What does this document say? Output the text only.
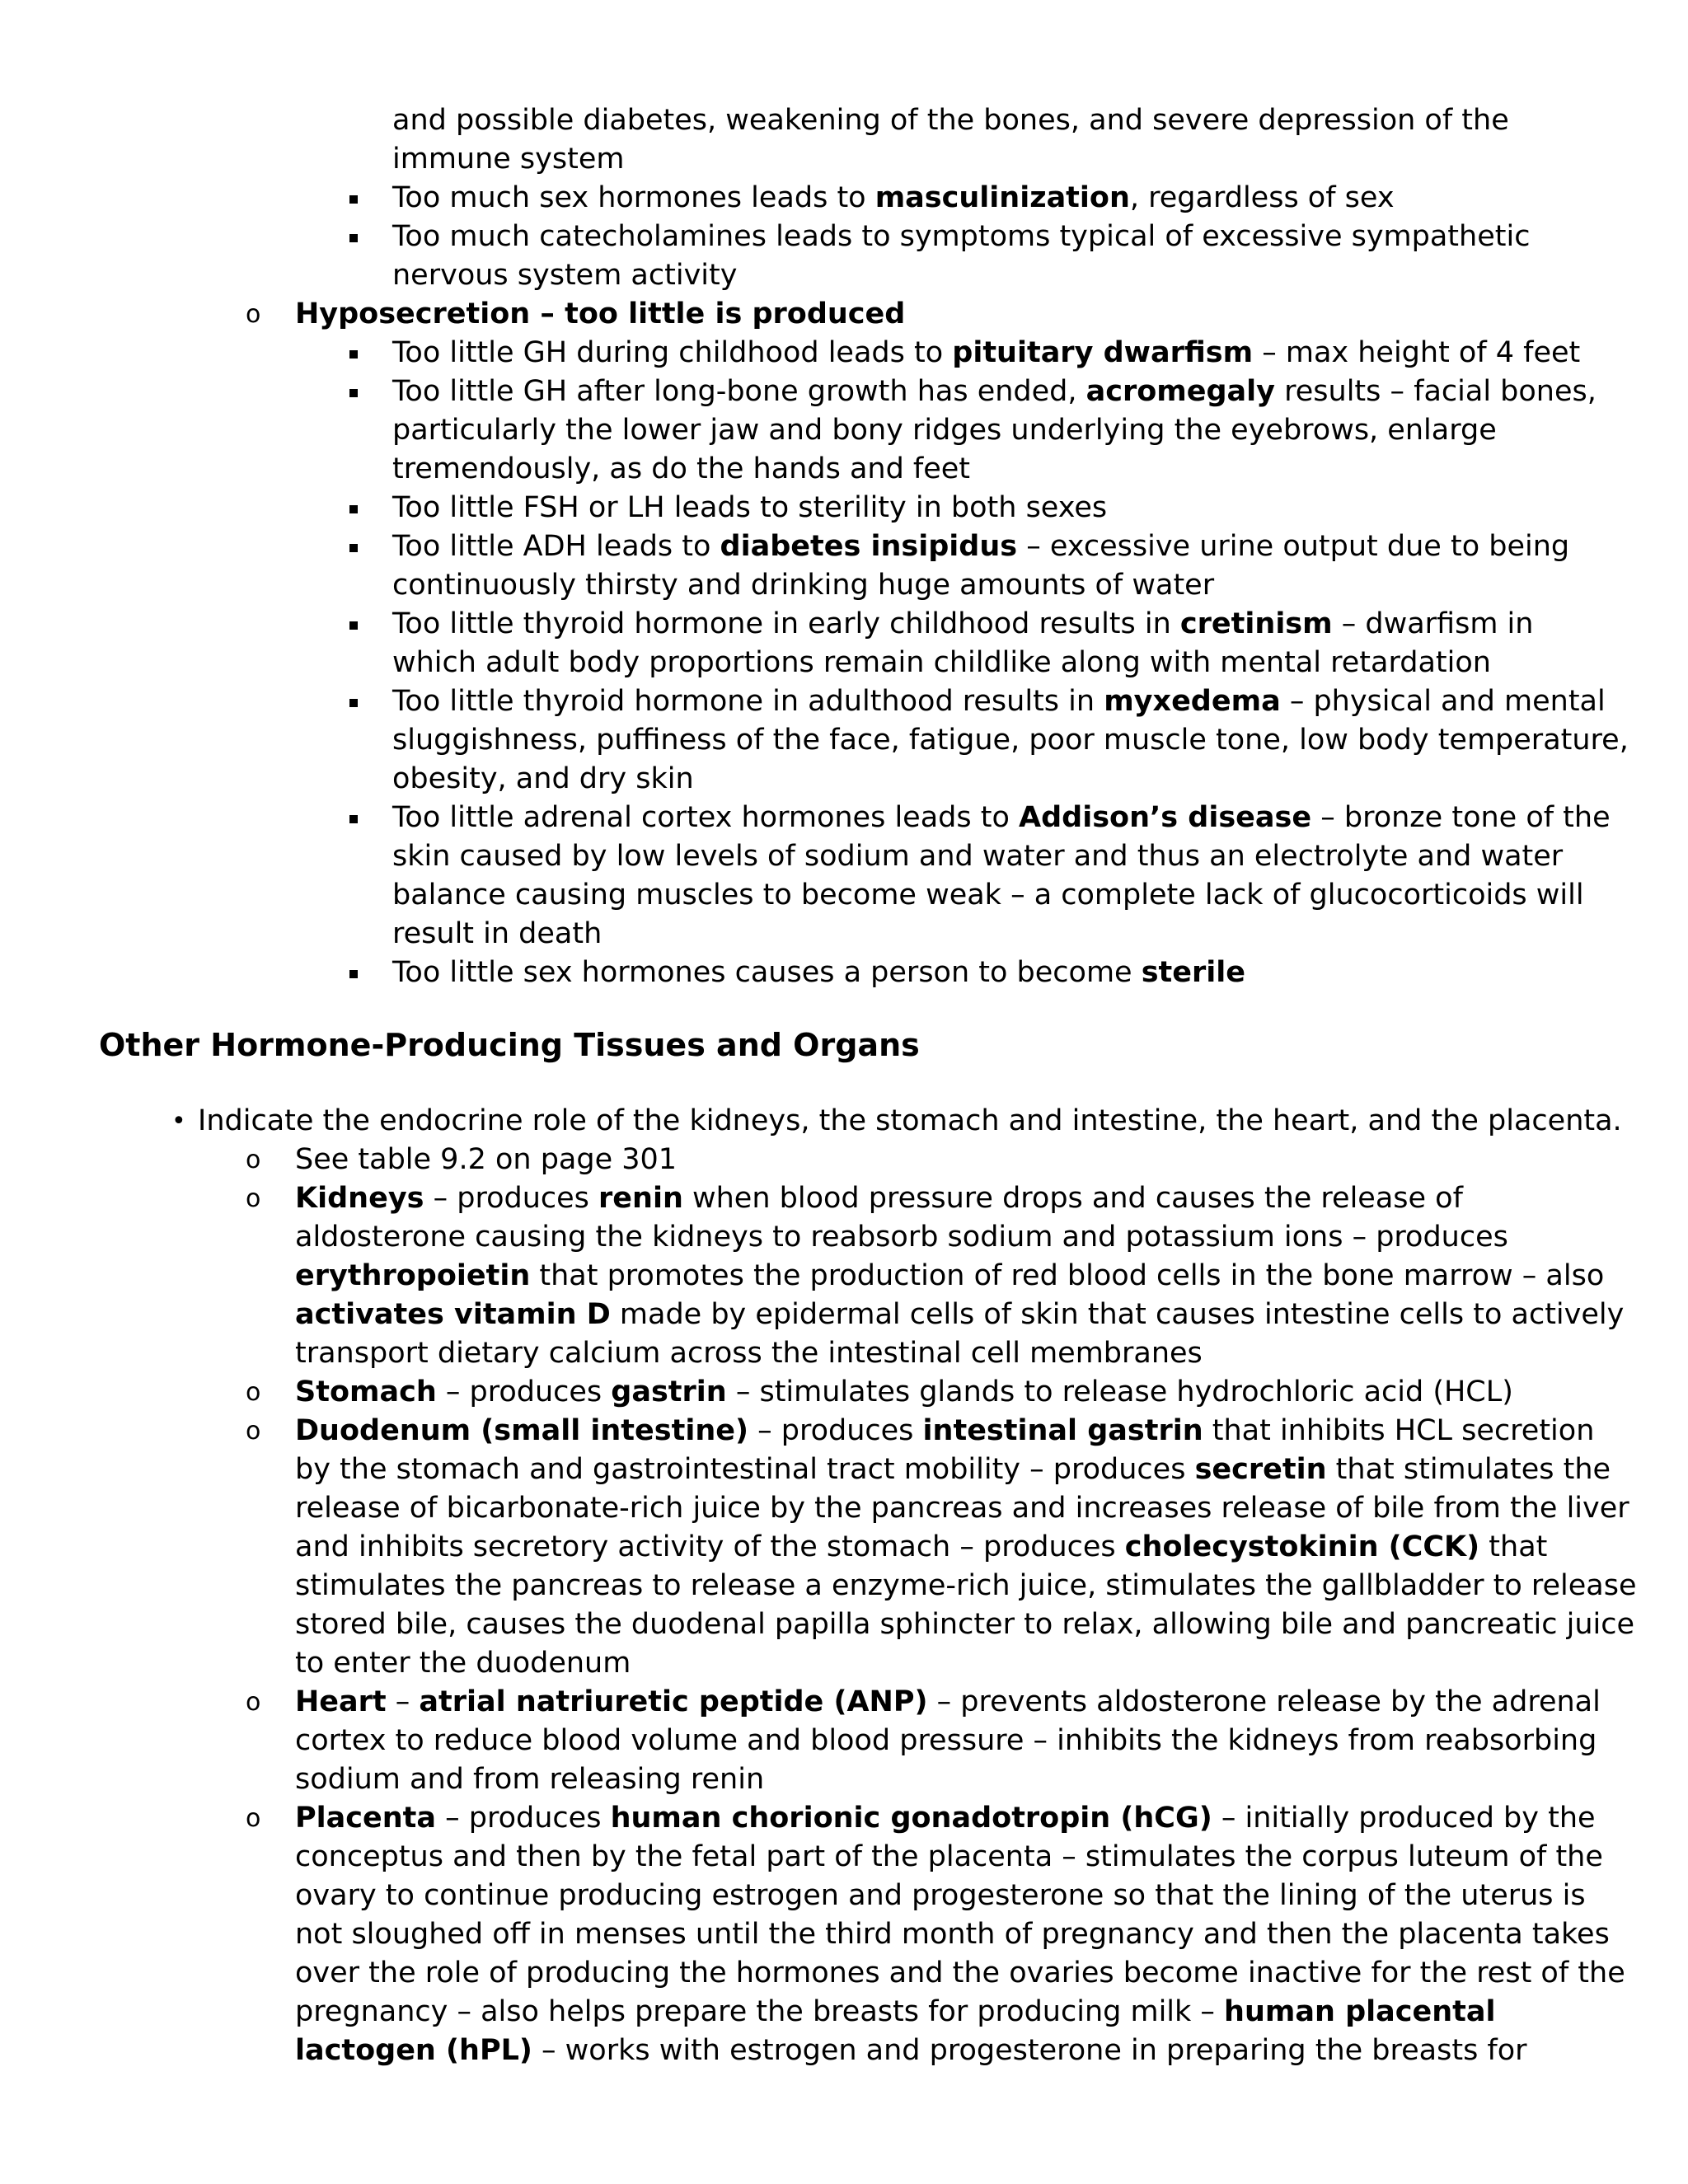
and possible diabetes, weakening of the bones, and severe depression of the
immune system
Too much sex hormones leads to masculinization, regardless of sex
Too much catecholamines leads to symptoms typical of excessive sympathetic
nervous system activity
o Hyposecretion – too little is produced
Too little GH during childhood leads to pituitary dwarfism – max height of 4 feet
Too little GH after long-bone growth has ended, acromegaly results – facial bones,
particularly the lower jaw and bony ridges underlying the eyebrows, enlarge
tremendously, as do the hands and feet
Too little FSH or LH leads to sterility in both sexes
Too little ADH leads to diabetes insipidus – excessive urine output due to being
continuously thirsty and drinking huge amounts of water
Too little thyroid hormone in early childhood results in cretinism – dwarfism in
which adult body proportions remain childlike along with mental retardation
Too little thyroid hormone in adulthood results in myxedema – physical and mental
sluggishness, puffiness of the face, fatigue, poor muscle tone, low body temperature,
obesity, and dry skin
Too little adrenal cortex hormones leads to Addison’s disease – bronze tone of the
skin caused by low levels of sodium and water and thus an electrolyte and water
balance causing muscles to become weak – a complete lack of glucocorticoids will
result in death
Too little sex hormones causes a person to become sterile
Other Hormone-Producing Tissues and Organs
• Indicate the endocrine role of the kidneys, the stomach and intestine, the heart, and the placenta.
o See table 9.2 on page 301
o Kidneys – produces renin when blood pressure drops and causes the release of
aldosterone causing the kidneys to reabsorb sodium and potassium ions – produces
erythropoietin that promotes the production of red blood cells in the bone marrow – also
activates vitamin D made by epidermal cells of skin that causes intestine cells to actively
transport dietary calcium across the intestinal cell membranes
o Stomach – produces gastrin – stimulates glands to release hydrochloric acid (HCL)
o Duodenum (small intestine) – produces intestinal gastrin that inhibits HCL secretion
by the stomach and gastrointestinal tract mobility – produces secretin that stimulates the
release of bicarbonate-rich juice by the pancreas and increases release of bile from the liver
and inhibits secretory activity of the stomach – produces cholecystokinin (CCK) that
stimulates the pancreas to release a enzyme-rich juice, stimulates the gallbladder to release
stored bile, causes the duodenal papilla sphincter to relax, allowing bile and pancreatic juice
to enter the duodenum
o Heart – atrial natriuretic peptide (ANP) – prevents aldosterone release by the adrenal
cortex to reduce blood volume and blood pressure – inhibits the kidneys from reabsorbing
sodium and from releasing renin
o Placenta – produces human chorionic gonadotropin (hCG) – initially produced by the
conceptus and then by the fetal part of the placenta – stimulates the corpus luteum of the
ovary to continue producing estrogen and progesterone so that the lining of the uterus is
not sloughed off in menses until the third month of pregnancy and then the placenta takes
over the role of producing the hormones and the ovaries become inactive for the rest of the
pregnancy – also helps prepare the breasts for producing milk – human placental
lactogen (hPL) – works with estrogen and progesterone in preparing the breasts for
